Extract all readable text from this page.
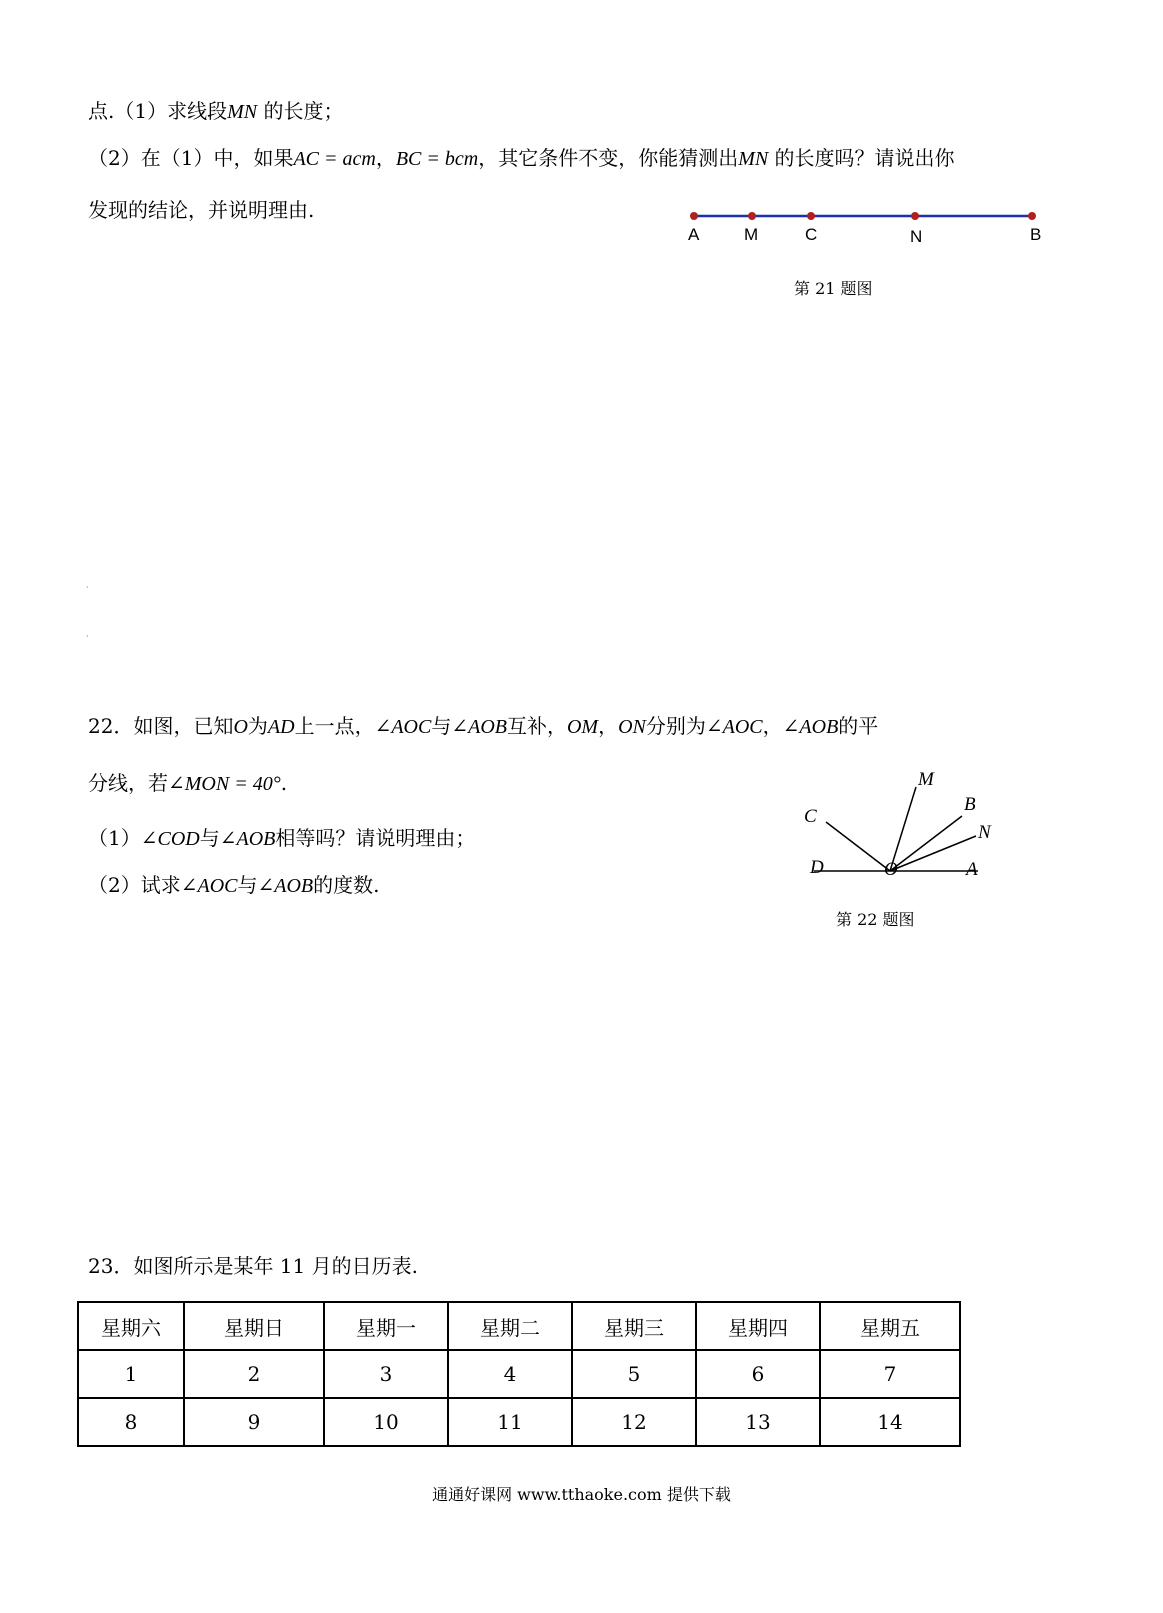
点.（1）求线段MN 的长度；
（2）在（1）中，如果AC = acm，BC = bcm，其它条件不变，你能猜测出MN 的长度吗？请说出你
发现的结论，并说明理由.
A	M	C	N	B
第 21 题图
·
·
22．如图，已知O为AD上一点，∠AOC与∠AOB互补，OM，ON分别为∠AOC，∠AOB的平
分线，若∠MON = 40°.
（1）∠COD与∠AOB相等吗？请说明理由；
（2）试求∠AOC与∠AOB的度数.
M
B
N
C
D	O	A
第 22 题图
23．如图所示是某年 11 月的日历表.
星期六	星期日	星期一	星期二	星期三	星期四	星期五
1	2	3	4	5	6	7
8	9	10	11	12	13	14
通通好课网 www.tthaoke.com 提供下载
